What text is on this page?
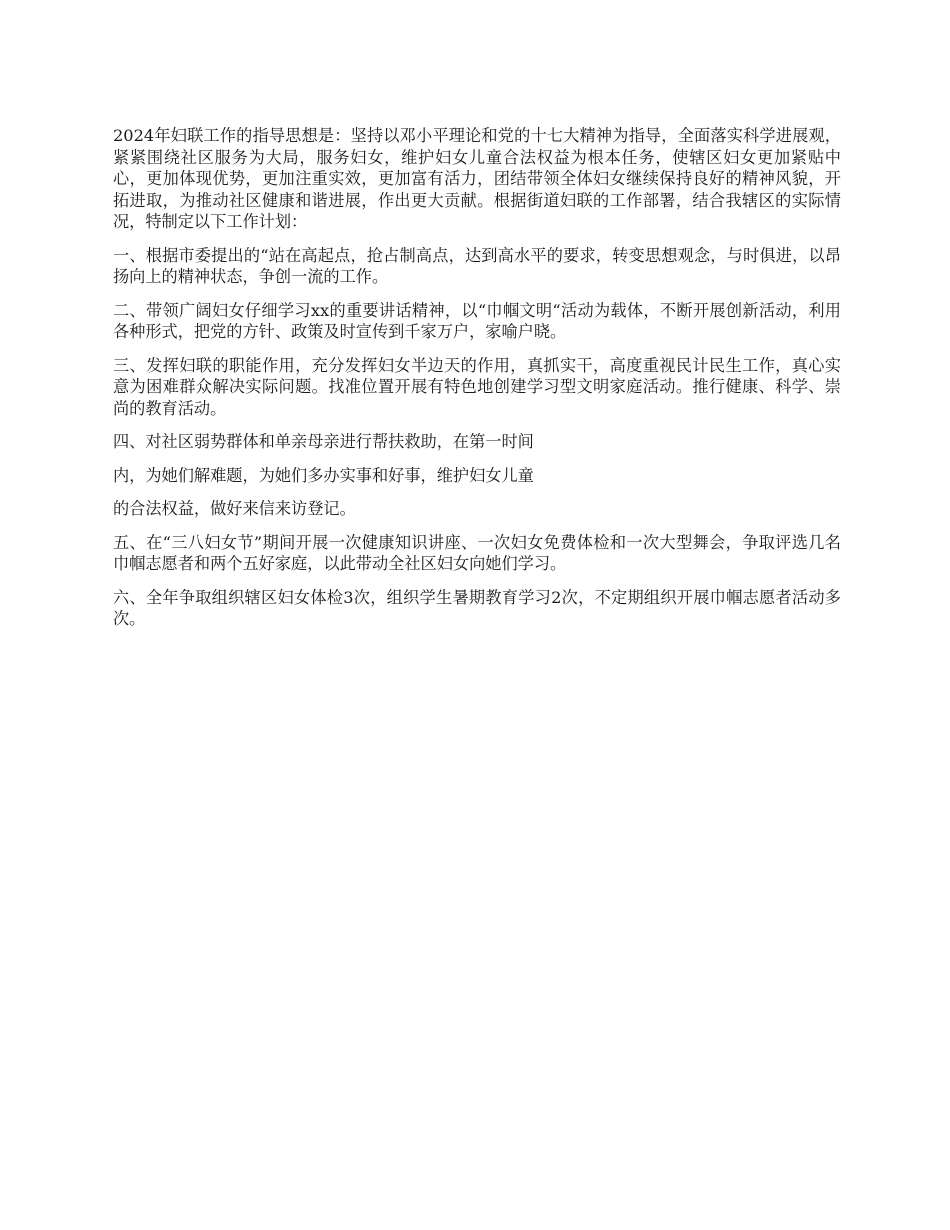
2024年妇联工作的指导思想是：坚持以邓小平理论和党的十七大精神为指导，全面落实科学进展观，紧紧围绕社区服务为大局，服务妇女，维护妇女儿童合法权益为根本任务，使辖区妇女更加紧贴中心，更加体现优势，更加注重实效，更加富有活力，团结带领全体妇女继续保持良好的精神风貌，开拓进取，为推动社区健康和谐进展，作出更大贡献。根据街道妇联的工作部署，结合我辖区的实际情况，特制定以下工作计划：

一、根据市委提出的“站在高起点，抢占制高点，达到高水平的要求，转变思想观念，与时俱进，以昂扬向上的精神状态，争创一流的工作。

二、带领广阔妇女仔细学习xx的重要讲话精神，以“巾帼文明“活动为载体，不断开展创新活动，利用各种形式，把党的方针、政策及时宣传到千家万户，家喻户晓。

三、发挥妇联的职能作用，充分发挥妇女半边天的作用，真抓实干，高度重视民计民生工作，真心实意为困难群众解决实际问题。找准位置开展有特色地创建学习型文明家庭活动。推行健康、科学、崇尚的教育活动。

四、对社区弱势群体和单亲母亲进行帮扶救助，在第一时间

内，为她们解难题，为她们多办实事和好事，维护妇女儿童

的合法权益，做好来信来访登记。

五、在“三八妇女节”期间开展一次健康知识讲座、一次妇女免费体检和一次大型舞会，争取评选几名巾帼志愿者和两个五好家庭，以此带动全社区妇女向她们学习。

六、全年争取组织辖区妇女体检3次，组织学生暑期教育学习2次，不定期组织开展巾帼志愿者活动多次。
